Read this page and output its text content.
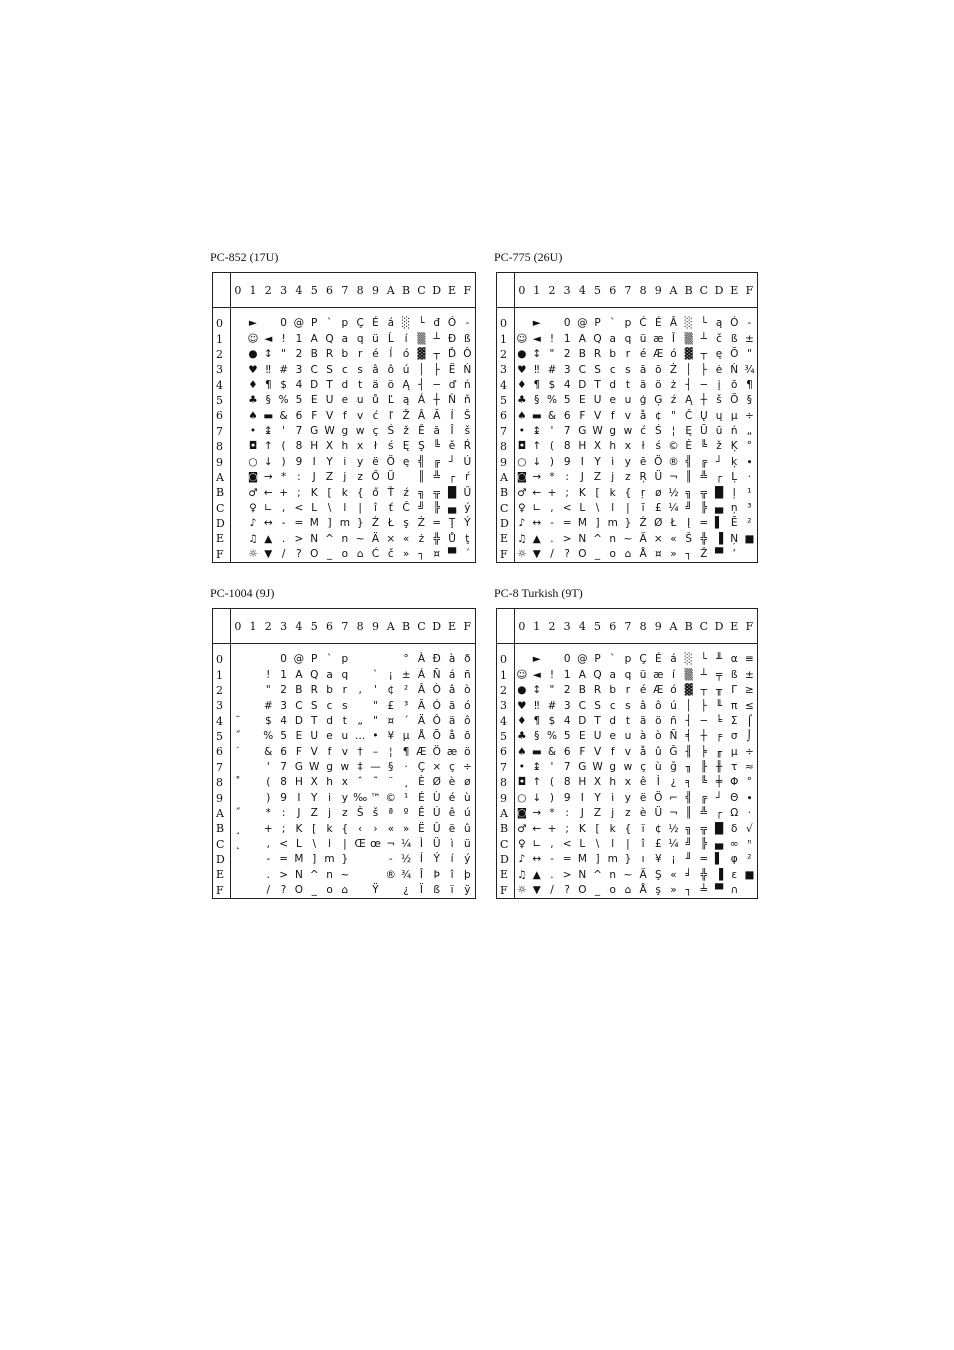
PC-852 (17U)
	0	1	2	3	4	5	6	7	8	9	A	B	C	D	E	F

0		►		0	@	P	`	p	Ç	É	á	░	└	đ	Ó	-
1		☺	◄	!	1	A	Q	a	q	ü	Ĺ	í	▒	┴	Đ	ß
2		●	↕	"	2	B	R	b	r	é	ĺ	ó	▓	┬	Ď	Ô
3		♥	‼	#	3	C	S	c	s	â	ô	ú	│	├	Ë	Ń
4		♦	¶	$	4	D	T	d	t	ä	ö	Ą	┤	─	ď	ń
5		♣	§	%	5	E	U	e	u	ů	Ľ	ą	Á	┼	Ň	ň
6		♠	▬	&	6	F	V	f	v	ć	ľ	Ž	Â	Ă	Í	Š
7		•	↨	'	7	G	W	g	w	ç	Ś	ž	Ě	ă	Î	š
8		◘	↑	(	8	H	X	h	x	ł	ś	Ę	Ş	╚	ě	Ŕ
9		○	↓	)	9	I	Y	i	y	ë	Ö	ę	╣	╔	┘	Ú
A		◙	→	*	:	J	Z	j	z	Ő	Ü		║	╩	┌	ŕ
B		♂	←	+	;	K	[	k	{	ő	Ť	ź	╗	╦	█	Ű
C		♀	∟	,	<	L	\	l	|	î	ť	Č	╝	╠	▄	ý
D		♪	↔	-	=	M	]	m	}	Ź	Ł	ş	Ż	═	Ţ	Ý
E		♫	▲	.	>	N	^	n	~	Ä	×	«	ż	╬	Ů	ţ
F		☼	▼	/	?	O	_	o	⌂	Ć	č	»	┐	¤	▀	´
PC-775 (26U)
	0	1	2	3	4	5	6	7	8	9	A	B	C	D	E	F

0		►		0	@	P	`	p	Ć	É	Ā	░	└	ą	Ó	-
1	☺	◄	!	1	A	Q	a	q	ü	æ	Ī	▒	┴	č	ß	±
2	●	↕	"	2	B	R	b	r	é	Æ	ó	▓	┬	ę	Ō	"
3	♥	‼	#	3	C	S	c	s	ā	ō	Ż	│	├	ė	Ń	¾
4	♦	¶	$	4	D	T	d	t	ä	ö	ż	┤	─	į	õ	¶
5	♣	§	%	5	E	U	e	u	ģ	Ģ	ź	Ą	┼	š	Õ	§
6	♠	▬	&	6	F	V	f	v	å	¢	"	Č	Ų	ų	µ	÷
7	•	↨	'	7	G	W	g	w	ć	Ś	¦	Ę	Ū	ū	ń	„
8	◘	↑	(	8	H	X	h	x	ł	ś	©	Ė	╚	ž	Ķ	°
9	○	↓	)	9	I	Y	i	y	ē	Ö	®	╣	╔	┘	ķ	∙
A	◙	→	*	:	J	Z	j	z	Ŗ	Ü	¬	║	╩	┌	Ļ	·
B	♂	←	+	;	K	[	k	{	ŗ	ø	½	╗	╦	█	ļ	¹
C	♀	∟	,	<	L	\	l	|	ī	£	¼	╝	╠	▄	ņ	³
D	♪	↔	-	=	M	]	m	}	Ź	Ø	Ł	Į	═	▌	Ē	²
E	♫	▲	.	>	N	^	n	~	Ä	×	«	Š	╬	▐	Ņ	■
F	☼	▼	/	?	O	_	o	⌂	Å	¤	»	┐	Ž	▀	’	
PC-1004 (9J)
	0	1	2	3	4	5	6	7	8	9	A	B	C	D	E	F

0				0	@	P	`	p				°	À	Ð	à	ð
1			!	1	A	Q	a	q		`	¡	±	Á	Ñ	á	ñ
2			"	2	B	R	b	r	,	'	¢	²	Â	Ò	â	ò
3			#	3	C	S	c	s		"	£	³	Ã	Ó	ã	ó
4	˘		$	4	D	T	d	t	„	"	¤	´	Ä	Ô	ä	ô
5	˝		%	5	E	U	e	u	…	•	¥	µ	Å	Õ	å	õ
6	˙		&	6	F	V	f	v	†	–	¦	¶	Æ	Ö	æ	ö
7			'	7	G	W	g	w	‡	—	§	·	Ç	×	ç	÷
8	˚		(	8	H	X	h	x	ˆ	˜	¨	¸	È	Ø	è	ø
9			)	9	I	Y	i	y	‰	™	©	¹	É	Ù	é	ù
A	˝		*	:	J	Z	j	z	Š	š	ª	º	Ê	Ú	ê	ú
B	¸		+	;	K	[	k	{	‹	›	«	»	Ë	Û	ë	û
C	˛		,	<	L	\	l	|	Œ	œ	¬	¼	Ì	Ü	ì	ü
D			-	=	M	]	m	}			-	½	Í	Ý	í	ý
E			.	>	N	^	n	~			®	¾	Î	Þ	î	þ
F			/	?	O	_	o	⌂		Ÿ		¿	Ï	ß	ï	ÿ
PC-8 Turkish (9T)
	0	1	2	3	4	5	6	7	8	9	A	B	C	D	E	F

0		►		0	@	P	`	p	Ç	É	á	░	└	╨	α	≡
1	☺	◄	!	1	A	Q	a	q	ü	æ	í	▒	┴	╤	ß	±
2	●	↕	"	2	B	R	b	r	é	Æ	ó	▓	┬	╥	Γ	≥
3	♥	‼	#	3	C	S	c	s	â	ô	ú	│	├	╙	π	≤
4	♦	¶	$	4	D	T	d	t	ä	ö	ñ	┤	─	╘	Σ	⌠
5	♣	§	%	5	E	U	e	u	à	ò	Ñ	╡	┼	╒	σ	⌡
6	♠	▬	&	6	F	V	f	v	å	û	Ğ	╢	╞	╓	µ	÷
7	•	↨	'	7	G	W	g	w	ç	ù	ğ	╖	╟	╫	τ	≈
8	◘	↑	(	8	H	X	h	x	ê	İ	¿	╕	╚	╪	Φ	°
9	○	↓	)	9	I	Y	i	y	ë	Ö	⌐	╣	╔	┘	Θ	∙
A	◙	→	*	:	J	Z	j	z	è	Ü	¬	║	╩	┌	Ω	·
B	♂	←	+	;	K	[	k	{	ï	¢	½	╗	╦	█	δ	√
C	♀	∟	,	<	L	\	l	|	î	£	¼	╝	╠	▄	∞	ⁿ
D	♪	↔	-	=	M	]	m	}	ı	¥	¡	╜	═	▌	φ	²
E	♫	▲	.	>	N	^	n	~	Ä	Ş	«	╛	╬	▐	ε	■
F	☼	▼	/	?	O	_	o	⌂	Å	ş	»	┐	╧	▀	∩	
